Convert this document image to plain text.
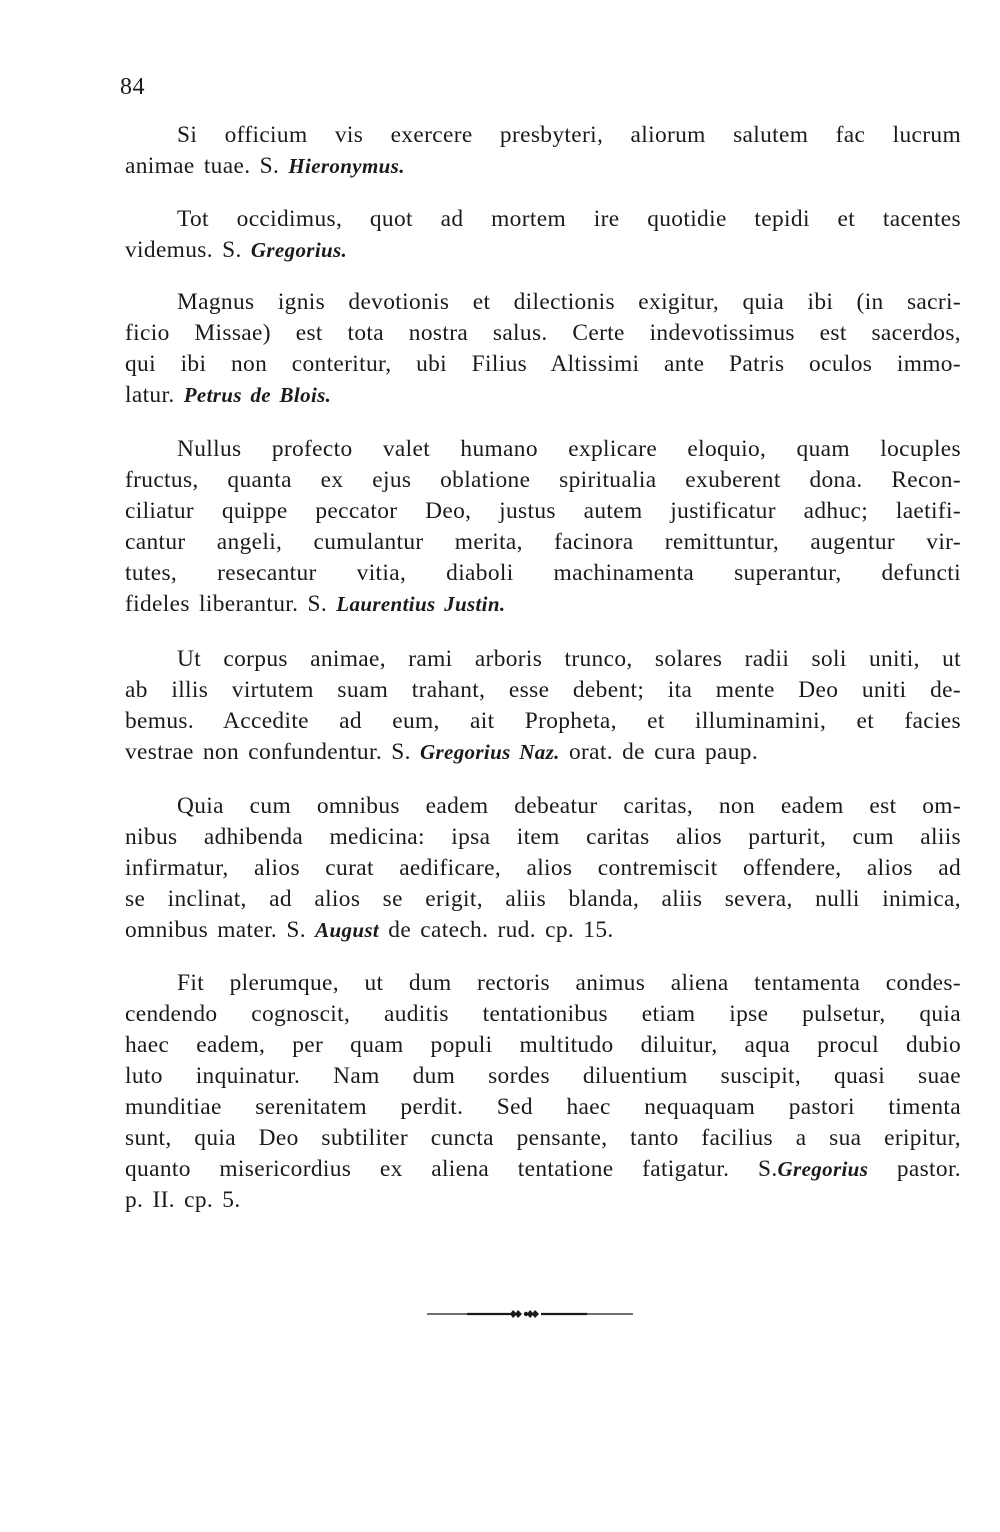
84
Si officium vis exercere presbyteri, aliorum salutem fac lucrum
animae tuae. S. Hieronymus.
Tot occidimus, quot ad mortem ire quotidie tepidi et tacentes
videmus. S. Gregorius.
Magnus ignis devotionis et dilectionis exigitur, quia ibi (in sacri-
ficio Missae) est tota nostra salus. Certe indevotissimus est sacerdos,
qui ibi non conteritur, ubi Filius Altissimi ante Patris oculos immo-
latur. Petrus de Blois.
Nullus profecto valet humano explicare eloquio, quam locuples
fructus, quanta ex ejus oblatione spiritualia exuberent dona. Recon-
ciliatur quippe peccator Deo, justus autem justificatur adhuc; laetifi-
cantur angeli, cumulantur merita, facinora remittuntur, augentur vir-
tutes, resecantur vitia, diaboli machinamenta superantur, defuncti
fideles liberantur. S. Laurentius Justin.
Ut corpus animae, rami arboris trunco, solares radii soli uniti, ut
ab illis virtutem suam trahant, esse debent; ita mente Deo uniti de-
bemus. Accedite ad eum, ait Propheta, et illuminamini, et facies
vestrae non confundentur. S. Gregorius Naz. orat. de cura paup.
Quia cum omnibus eadem debeatur caritas, non eadem est om-
nibus adhibenda medicina: ipsa item caritas alios parturit, cum aliis
infirmatur, alios curat aedificare, alios contremiscit offendere, alios ad
se inclinat, ad alios se erigit, aliis blanda, aliis severa, nulli inimica,
omnibus mater. S. August de catech. rud. cp. 15.
Fit plerumque, ut dum rectoris animus aliena tentamenta condes-
cendendo cognoscit, auditis tentationibus etiam ipse pulsetur, quia
haec eadem, per quam populi multitudo diluitur, aqua procul dubio
luto inquinatur. Nam dum sordes diluentium suscipit, quasi suae
munditiae serenitatem perdit. Sed haec nequaquam pastori timenta
sunt, quia Deo subtiliter cuncta pensante, tanto facilius a sua eripitur,
quanto misericordius ex aliena tentatione fatigatur. S.Gregorius pastor.
p. II. cp. 5.
